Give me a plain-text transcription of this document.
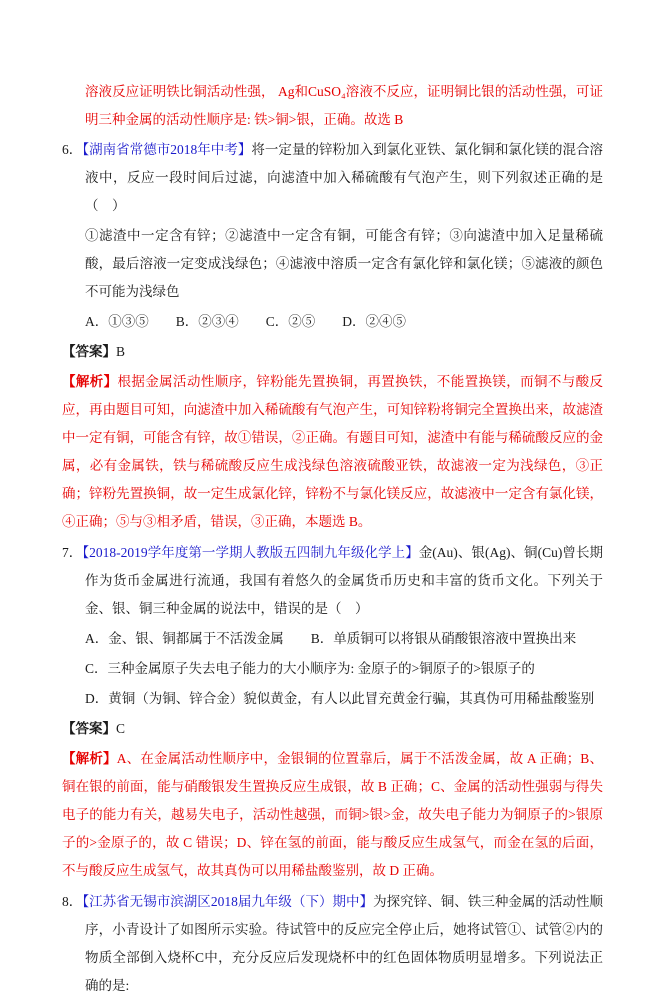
溶液反应证明铁比铜活动性强， Ag和CuSO₄溶液不反应，证明铜比银的活动性强，可证明三种金属的活动性顺序是: 铁>铜>银，正确。故选 B

6．【湖南省常德市2018年中考】将一定量的锌粉加入到氯化亚铁、氯化铜和氯化镁的混合溶液中，反应一段时间后过滤，向滤渣中加入稀硫酸有气泡产生，则下列叙述正确的是（　）

①滤渣中一定含有锌；②滤渣中一定含有铜，可能含有锌；③向滤渣中加入足量稀硫酸，最后溶液一定变成浅绿色；④滤液中溶质一定含有氯化锌和氯化镁；⑤滤液的颜色不可能为浅绿色

A．①③⑤　　B．②③④　　C．②⑤　　D．②④⑤

【答案】B

【解析】根据金属活动性顺序，锌粉能先置换铜，再置换铁，不能置换镁，而铜不与酸反应，再由题目可知，向滤渣中加入稀硫酸有气泡产生，可知锌粉将铜完全置换出来，故滤渣中一定有铜，可能含有锌，故①错误，②正确。有题目可知，滤渣中有能与稀硫酸反应的金属，必有金属铁，铁与稀硫酸反应生成浅绿色溶液硫酸亚铁，故滤液一定为浅绿色，③正确；锌粉先置换铜，故一定生成氯化锌，锌粉不与氯化镁反应，故滤液中一定含有氯化镁，④正确；⑤与③相矛盾，错误，③正确，本题选 B。

7．【2018-2019学年度第一学期人教版五四制九年级化学上】金(Au)、银(Ag)、铜(Cu)曾长期作为货币金属进行流通，我国有着悠久的金属货币历史和丰富的货币文化。下列关于金、银、铜三种金属的说法中，错误的是（　）

A．金、银、铜都属于不活泼金属　　B．单质铜可以将银从硝酸银溶液中置换出来

C．三种金属原子失去电子能力的大小顺序为: 金原子的>铜原子的>银原子的

D．黄铜（为铜、锌合金）貌似黄金，有人以此冒充黄金行骗，其真伪可用稀盐酸鉴别

【答案】C

【解析】A、在金属活动性顺序中，金银铜的位置靠后，属于不活泼金属，故 A 正确；B、铜在银的前面，能与硝酸银发生置换反应生成银，故 B 正确；C、金属的活动性强弱与得失电子的能力有关，越易失电子，活动性越强，而铜>银>金，故失电子能力为铜原子的>银原子的>金原子的，故 C 错误；D、锌在氢的前面，能与酸反应生成氢气，而金在氢的后面，不与酸反应生成氢气，故其真伪可以用稀盐酸鉴别，故 D 正确。

8．【江苏省无锡市滨湖区2018届九年级（下）期中】为探究锌、铜、铁三种金属的活动性顺序，小青设计了如图所示实验。待试管中的反应完全停止后，她将试管①、试管②内的物质全部倒入烧杯C中，充分反应后发现烧杯中的红色固体物质明显增多。下列说法正确的是:
